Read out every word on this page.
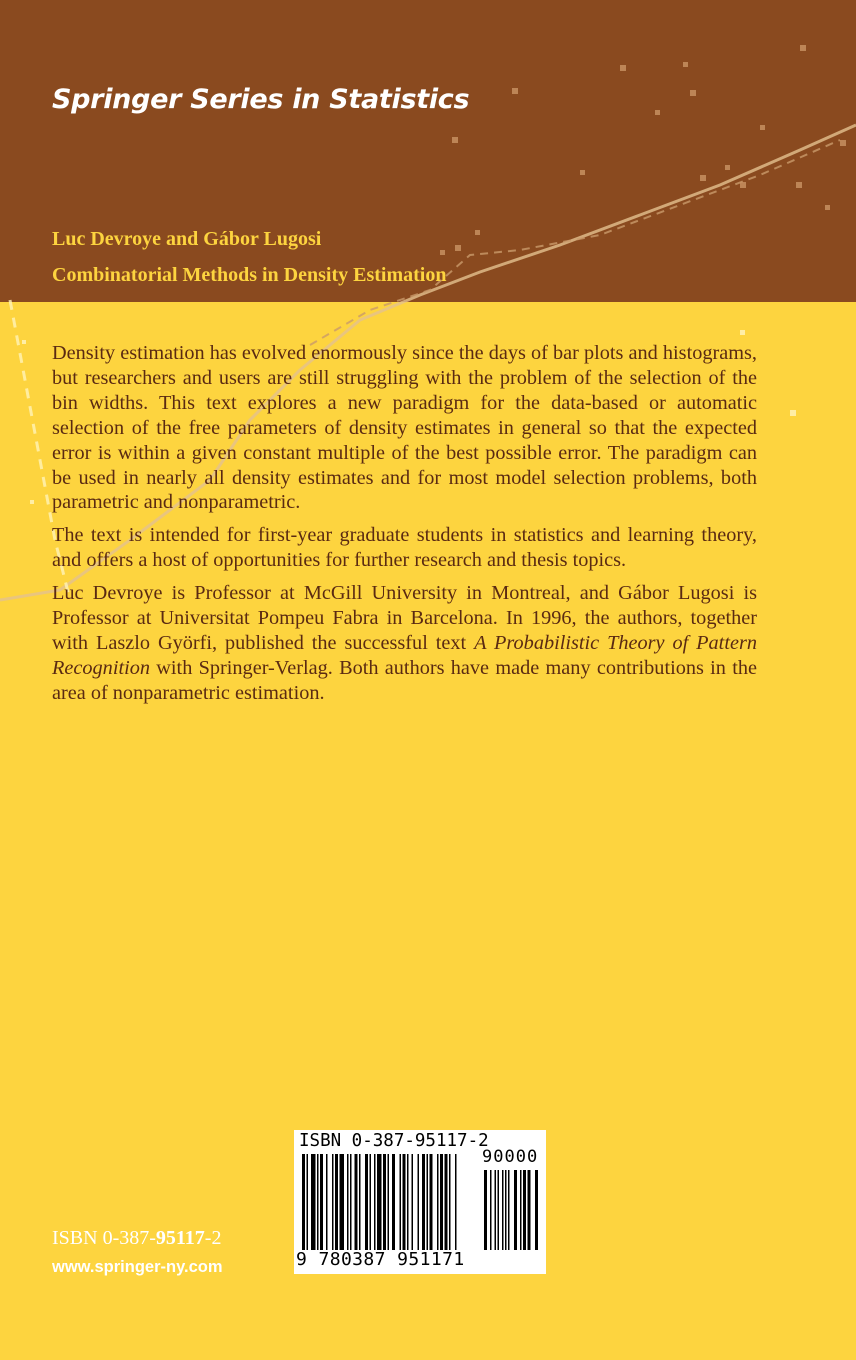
Springer Series in Statistics
Luc Devroye and Gábor Lugosi
Combinatorial Methods in Density Estimation

Density estimation has evolved enormously since the days of bar plots and histograms, but researchers and users are still struggling with the problem of the selection of the bin widths. This text explores a new paradigm for the data-based or automatic selection of the free parameters of density estimates in general so that the expected error is within a given constant multiple of the best possible error. The paradigm can be used in nearly all density estimates and for most model selection problems, both parametric and nonparametric.

The text is intended for first-year graduate students in statistics and learning theory, and offers a host of opportunities for further research and thesis topics.

Luc Devroye is Professor at McGill University in Montreal, and Gábor Lugosi is Professor at Universitat Pompeu Fabra in Barcelona. In 1996, the authors, together with Laszlo Györfi, published the successful text A Probabilistic Theory of Pattern Recognition with Springer-Verlag. Both authors have made many contributions in the area of nonparametric estimation.

ISBN 0-387-95117-2

www.springer-ny.com

ISBN 0-387-95117-2

90000

9 780387 951171
